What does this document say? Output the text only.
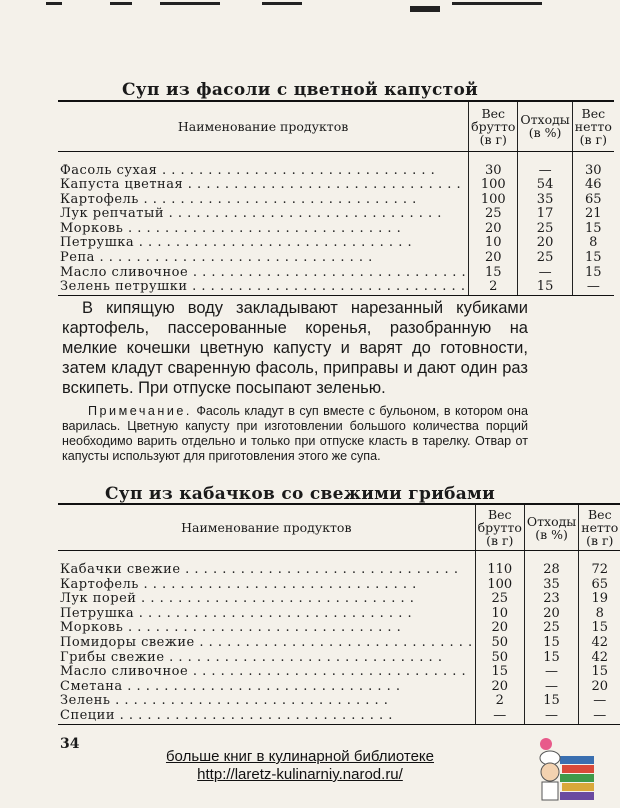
Суп из фасоли с цветной капустой
Наименование продуктов	Вес брутто (в г)	Отходы (в %)	Вес нетто (в г)

Фасоль сухая . . . . . . . . . . . . . . . . . . . . . . . . . . . . . .	30	—	30
Капуста цветная . . . . . . . . . . . . . . . . . . . . . . . . . . . . . .	100	54	46
Картофель . . . . . . . . . . . . . . . . . . . . . . . . . . . . . .	100	35	65
Лук репчатый . . . . . . . . . . . . . . . . . . . . . . . . . . . . . .	25	17	21
Морковь . . . . . . . . . . . . . . . . . . . . . . . . . . . . . .	20	25	15
Петрушка . . . . . . . . . . . . . . . . . . . . . . . . . . . . . .	10	20	8
Репа . . . . . . . . . . . . . . . . . . . . . . . . . . . . . .	20	25	15
Масло сливочное . . . . . . . . . . . . . . . . . . . . . . . . . . . . . .	15	—	15
Зелень петрушки . . . . . . . . . . . . . . . . . . . . . . . . . . . . . .	2	15	—

В кипящую воду закладывают нарезанный кубиками картофель, пассерованные коренья, разобранную на мелкие кочешки цветную капусту и варят до готовности, затем кладут сваренную фасоль, приправы и дают один раз вскипеть. При отпуске посыпают зеленью.

Примечание. Фасоль кладут в суп вместе с бульоном, в котором она варилась. Цветную капусту при изготовлении большого количества порций необходимо варить отдельно и только при отпуске класть в тарелку. Отвар от капусты используют для приготовления этого же супа.

Суп из кабачков со свежими грибами
Наименование продуктов	Вес брутто (в г)	Отходы (в %)	Вес нетто (в г)

Кабачки свежие . . . . . . . . . . . . . . . . . . . . . . . . . . . . . .	110	28	72
Картофель . . . . . . . . . . . . . . . . . . . . . . . . . . . . . .	100	35	65
Лук порей . . . . . . . . . . . . . . . . . . . . . . . . . . . . . .	25	23	19
Петрушка . . . . . . . . . . . . . . . . . . . . . . . . . . . . . .	10	20	8
Морковь . . . . . . . . . . . . . . . . . . . . . . . . . . . . . .	20	25	15
Помидоры свежие . . . . . . . . . . . . . . . . . . . . . . . . . . . . . .	50	15	42
Грибы свежие . . . . . . . . . . . . . . . . . . . . . . . . . . . . . .	50	15	42
Масло сливочное . . . . . . . . . . . . . . . . . . . . . . . . . . . . . .	15	—	15
Сметана . . . . . . . . . . . . . . . . . . . . . . . . . . . . . .	20	—	20
Зелень . . . . . . . . . . . . . . . . . . . . . . . . . . . . . .	2	15	—
Специи . . . . . . . . . . . . . . . . . . . . . . . . . . . . . .	—	—	—
34
больше книг в кулинарной библиотеке
http://laretz-kulinarniy.narod.ru/
